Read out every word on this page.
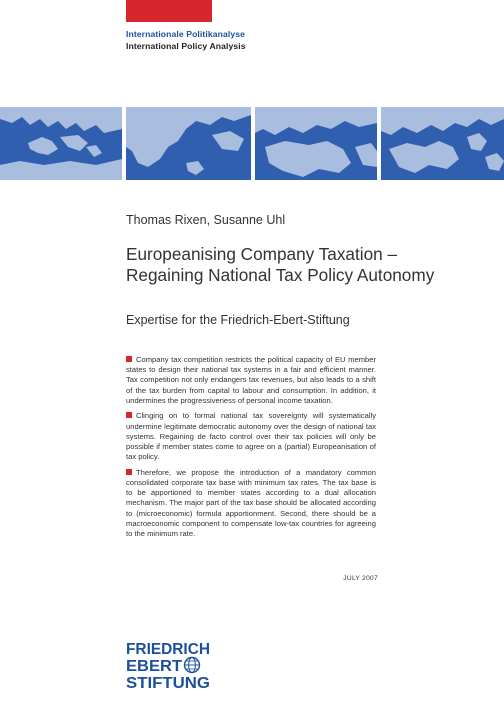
Internationale Politikanalyse
International Policy Analysis
Thomas Rixen, Susanne Uhl
Europeanising Company Taxation –
Regaining National Tax Policy Autonomy
Expertise for the Friedrich-Ebert-Stiftung

Company tax competition restricts the political capacity of EU member states to design their national tax systems in a fair and efficient manner. Tax competition not only endangers tax revenues, but also leads to a shift of the tax burden from capital to labour and consumption. In addition, it undermines the progressiveness of personal income taxation.

Clinging on to formal national tax sovereignty will systematically undermine legitimate democratic autonomy over the design of national tax systems. Regaining de facto control over their tax policies will only be possible if member states come to agree on a (partial) Europeanisation of tax policy.

Therefore, we propose the introduction of a mandatory common consolidated corporate tax base with minimum tax rates. The tax base is to be apportioned to member states according to a dual allocation mechanism. The major part of the tax base should be allocated according to (microeconomic) formula apportionment. Second, there should be a macroeconomic component to compensate low-tax countries for agreeing to the minimum rate.

JULY 2007
FRIEDRICH
EBERT
STIFTUNG
